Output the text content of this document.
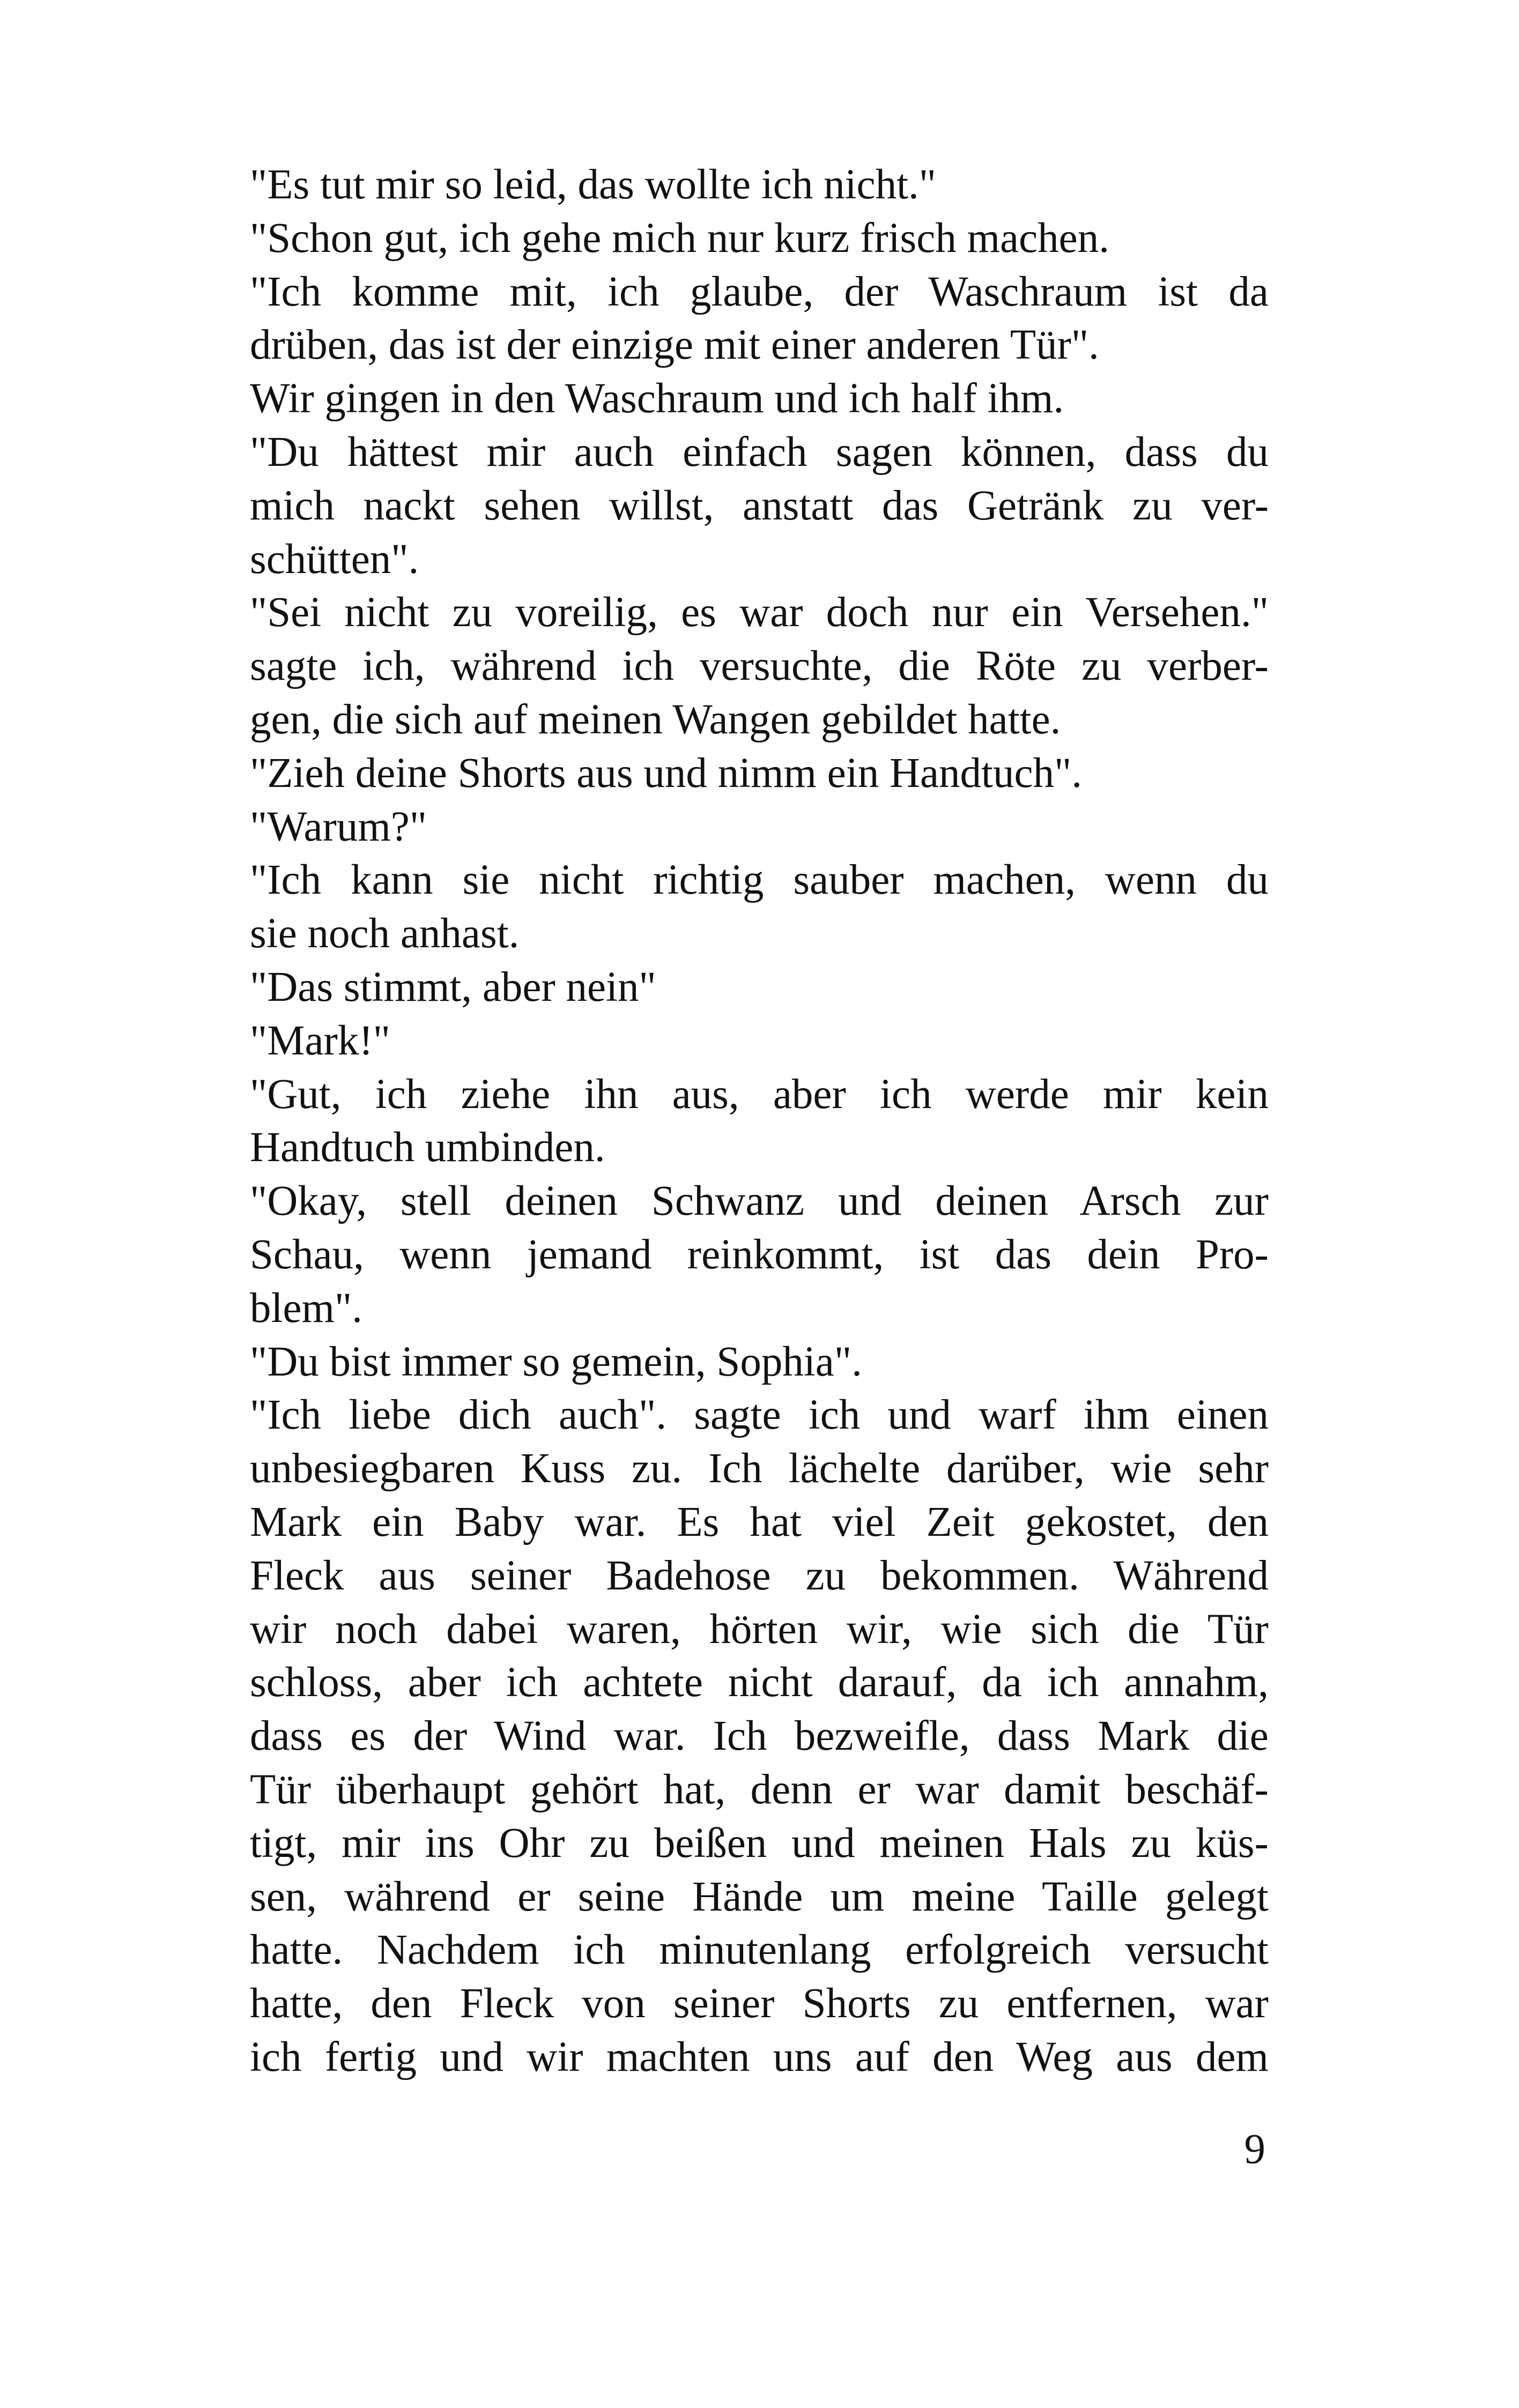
"Es tut mir so leid, das wollte ich nicht."
"Schon gut, ich gehe mich nur kurz frisch machen.
"Ich komme mit, ich glaube, der Waschraum ist da
drüben, das ist der einzige mit einer anderen Tür".
Wir gingen in den Waschraum und ich half ihm.
"Du hättest mir auch einfach sagen können, dass du
mich nackt sehen willst, anstatt das Getränk zu ver-
schütten".
"Sei nicht zu voreilig, es war doch nur ein Versehen."
sagte ich, während ich versuchte, die Röte zu verber-
gen, die sich auf meinen Wangen gebildet hatte.
"Zieh deine Shorts aus und nimm ein Handtuch".
"Warum?"
"Ich kann sie nicht richtig sauber machen, wenn du
sie noch anhast.
"Das stimmt, aber nein"
"Mark!"
"Gut, ich ziehe ihn aus, aber ich werde mir kein
Handtuch umbinden.
"Okay, stell deinen Schwanz und deinen Arsch zur
Schau, wenn jemand reinkommt, ist das dein Pro-
blem".
"Du bist immer so gemein, Sophia".
"Ich liebe dich auch". sagte ich und warf ihm einen
unbesiegbaren Kuss zu. Ich lächelte darüber, wie sehr
Mark ein Baby war. Es hat viel Zeit gekostet, den
Fleck aus seiner Badehose zu bekommen. Während
wir noch dabei waren, hörten wir, wie sich die Tür
schloss, aber ich achtete nicht darauf, da ich annahm,
dass es der Wind war. Ich bezweifle, dass Mark die
Tür überhaupt gehört hat, denn er war damit beschäf-
tigt, mir ins Ohr zu beißen und meinen Hals zu küs-
sen, während er seine Hände um meine Taille gelegt
hatte. Nachdem ich minutenlang erfolgreich versucht
hatte, den Fleck von seiner Shorts zu entfernen, war
ich fertig und wir machten uns auf den Weg aus dem
9
